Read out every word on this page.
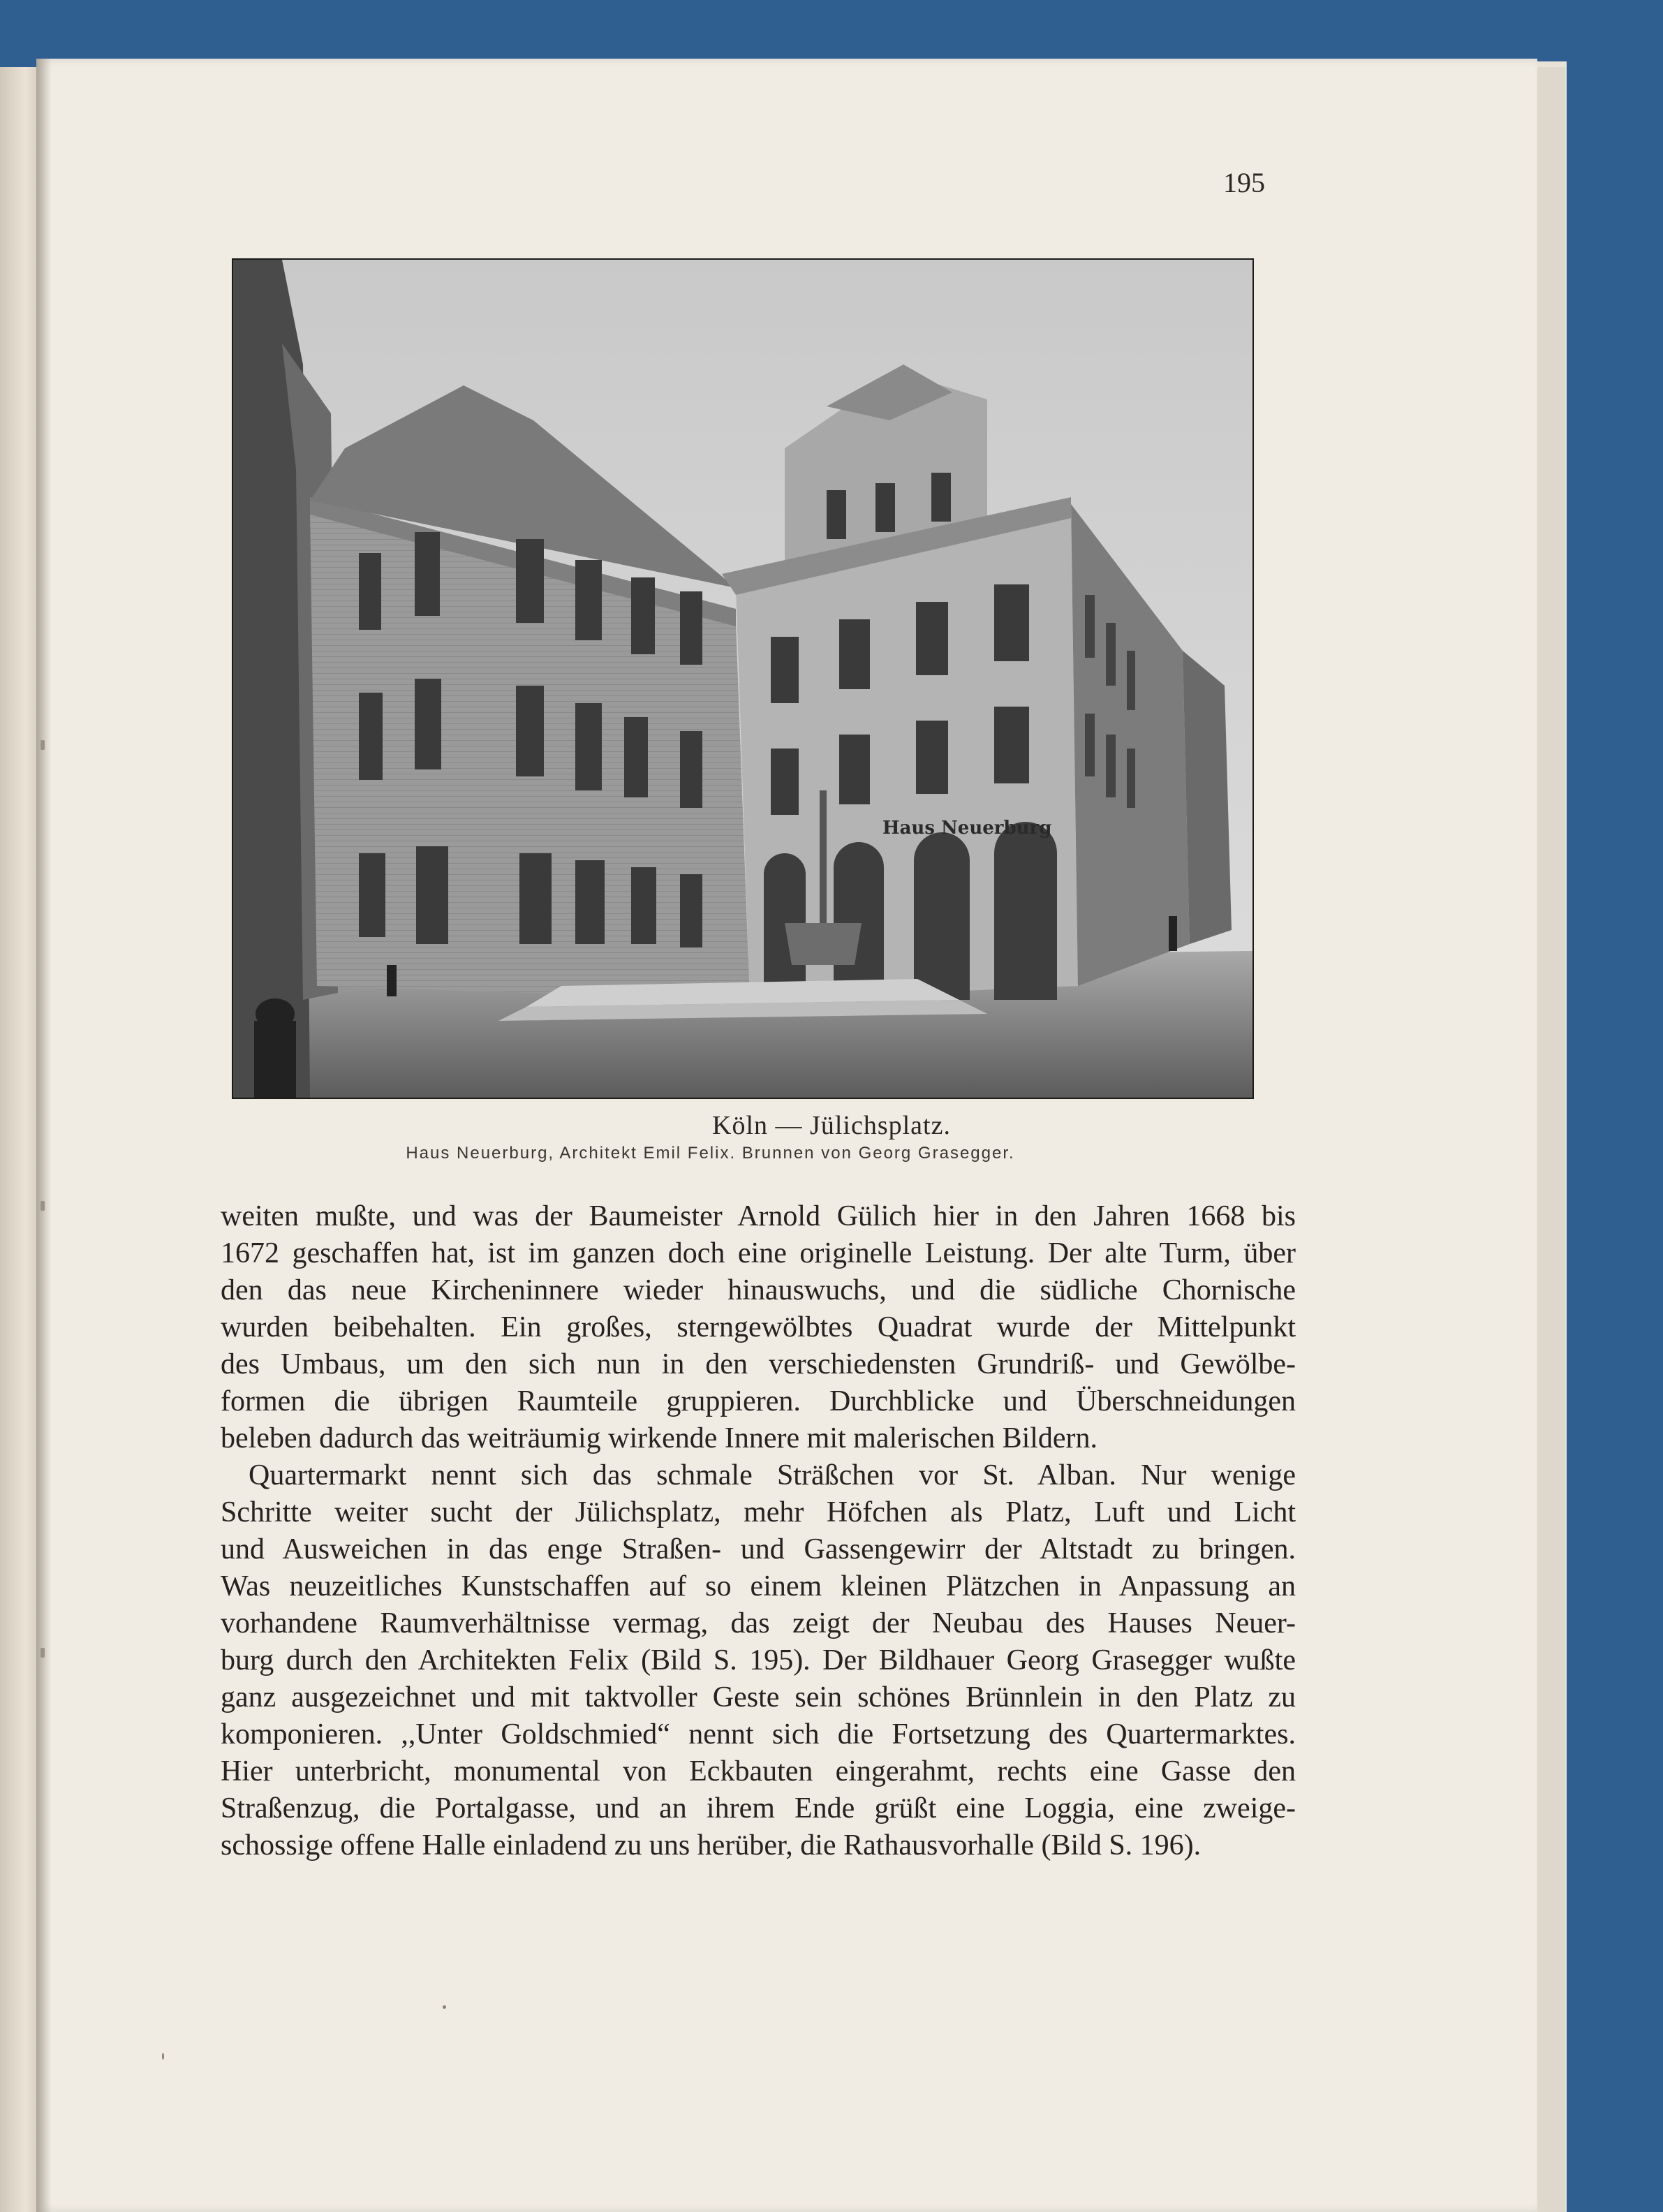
195
Haus Neuerburg
Köln — Jülichsplatz.
Haus Neuerburg, Architekt Emil Felix. Brunnen von Georg Grasegger.
weiten mußte, und was der Baumeister Arnold Gülich hier in den Jahren 1668 bis
1672 geschaffen hat, ist im ganzen doch eine originelle Leistung. Der alte Turm, über
den das neue Kircheninnere wieder hinauswuchs, und die südliche Chornische
wurden beibehalten. Ein großes, sterngewölbtes Quadrat wurde der Mittelpunkt
des Umbaus, um den sich nun in den verschiedensten Grundriß- und Gewölbe-
formen die übrigen Raumteile gruppieren. Durchblicke und Überschneidungen
beleben dadurch das weiträumig wirkende Innere mit malerischen Bildern.
Quartermarkt nennt sich das schmale Sträßchen vor St. Alban. Nur wenige
Schritte weiter sucht der Jülichsplatz, mehr Höfchen als Platz, Luft und Licht
und Ausweichen in das enge Straßen- und Gassengewirr der Altstadt zu bringen.
Was neuzeitliches Kunstschaffen auf so einem kleinen Plätzchen in Anpassung an
vorhandene Raumverhältnisse vermag, das zeigt der Neubau des Hauses Neuer-
burg durch den Architekten Felix (Bild S. 195). Der Bildhauer Georg Grasegger wußte
ganz ausgezeichnet und mit taktvoller Geste sein schönes Brünnlein in den Platz zu
komponieren. ,,Unter Goldschmied“ nennt sich die Fortsetzung des Quartermarktes.
Hier unterbricht, monumental von Eckbauten eingerahmt, rechts eine Gasse den
Straßenzug, die Portalgasse, und an ihrem Ende grüßt eine Loggia, eine zweige-
schossige offene Halle einladend zu uns herüber, die Rathausvorhalle (Bild S. 196).
